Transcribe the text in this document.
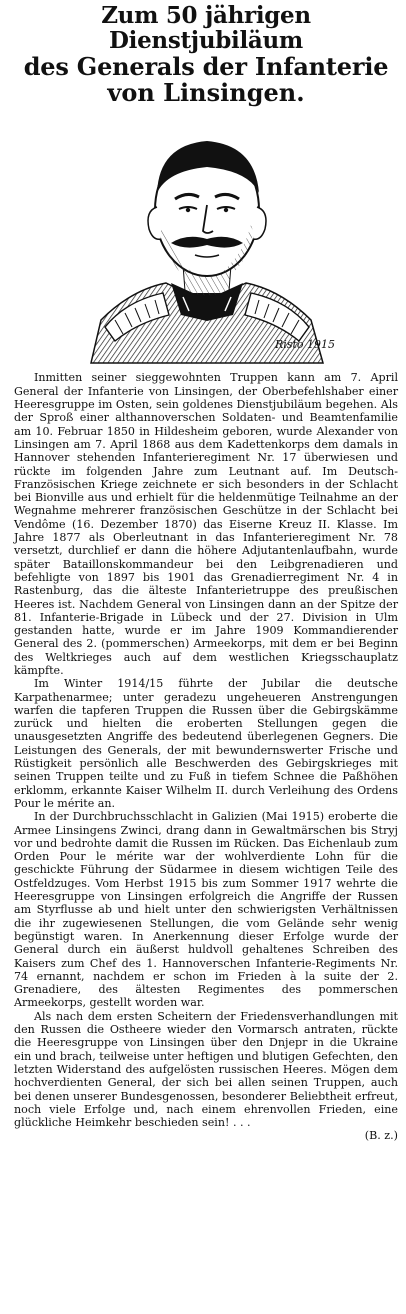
Zum 50 jährigen Dienstjubiläum
des Generals der Infanterie
von Linsingen.
Risto 1915

Inmitten seiner sieggewohnten Truppen kann am 7. April General der Infanterie von Linsingen, der Oberbefehlshaber einer Heeresgruppe im Osten, sein goldenes Dienstjubiläum begehen. Als der Sproß einer althannoverschen Soldaten- und Beamtenfamilie am 10. Februar 1850 in Hildesheim geboren, wurde Alexander von Linsingen am 7. April 1868 aus dem Kadettenkorps dem damals in Hannover stehenden Infanterieregiment Nr. 17 überwiesen und rückte im folgenden Jahre zum Leutnant auf. Im Deutsch-Französischen Kriege zeichnete er sich besonders in der Schlacht bei Bionville aus und erhielt für die heldenmütige Teilnahme an der Wegnahme mehrerer französischen Geschütze in der Schlacht bei Vendôme (16. Dezember 1870) das Eiserne Kreuz II. Klasse. Im Jahre 1877 als Oberleutnant in das Infanterieregiment Nr. 78 versetzt, durchlief er dann die höhere Adjutantenlaufbahn, wurde später Bataillonskommandeur bei den Leibgrenadieren und befehligte von 1897 bis 1901 das Grenadierregiment Nr. 4 in Rastenburg, das die älteste Infanterietruppe des preußischen Heeres ist. Nachdem General von Linsingen dann an der Spitze der 81. Infanterie-Brigade in Lübeck und der 27. Division in Ulm gestanden hatte, wurde er im Jahre 1909 Kommandierender General des 2. (pommerschen) Armeekorps, mit dem er bei Beginn des Weltkrieges auch auf dem westlichen Kriegsschauplatz kämpfte.

Im Winter 1914/15 führte der Jubilar die deutsche Karpathenarmee; unter geradezu ungeheueren Anstrengungen warfen die tapferen Truppen die Russen über die Gebirgskämme zurück und hielten die eroberten Stellungen gegen die unausgesetzten Angriffe des bedeutend überlegenen Gegners. Die Leistungen des Generals, der mit bewundernswerter Frische und Rüstigkeit persönlich alle Beschwerden des Gebirgskrieges mit seinen Truppen teilte und zu Fuß in tiefem Schnee die Paßhöhen erklomm, erkannte Kaiser Wilhelm II. durch Verleihung des Ordens Pour le mérite an.

In der Durchbruchsschlacht in Galizien (Mai 1915) eroberte die Armee Linsingens Zwinci, drang dann in Gewaltmärschen bis Stryj vor und bedrohte damit die Russen im Rücken. Das Eichenlaub zum Orden Pour le mérite war der wohlverdiente Lohn für die geschickte Führung der Südarmee in diesem wichtigen Teile des Ostfeldzuges. Vom Herbst 1915 bis zum Sommer 1917 wehrte die Heeresgruppe von Linsingen erfolgreich die Angriffe der Russen am Styrflusse ab und hielt unter den schwierigsten Verhältnissen die ihr zugewiesenen Stellungen, die vom Gelände sehr wenig begünstigt waren. In Anerkennung dieser Erfolge wurde der General durch ein äußerst huldvoll gehaltenes Schreiben des Kaisers zum Chef des 1. Hannoverschen Infanterie-Regiments Nr. 74 ernannt, nachdem er schon im Frieden à la suite der 2. Grenadiere, des ältesten Regimentes des pommerschen Armeekorps, gestellt worden war.

Als nach dem ersten Scheitern der Friedensverhandlungen mit den Russen die Ostheere wieder den Vormarsch antraten, rückte die Heeresgruppe von Linsingen über den Dnjepr in die Ukraine ein und brach, teilweise unter heftigen und blutigen Gefechten, den letzten Widerstand des aufgelösten russischen Heeres. Mögen dem hochverdienten General, der sich bei allen seinen Truppen, auch bei denen unserer Bundesgenossen, besonderer Beliebtheit erfreut, noch viele Erfolge und, nach einem ehrenvollen Frieden, eine glückliche Heimkehr beschieden sein! . . .

(B. z.)
